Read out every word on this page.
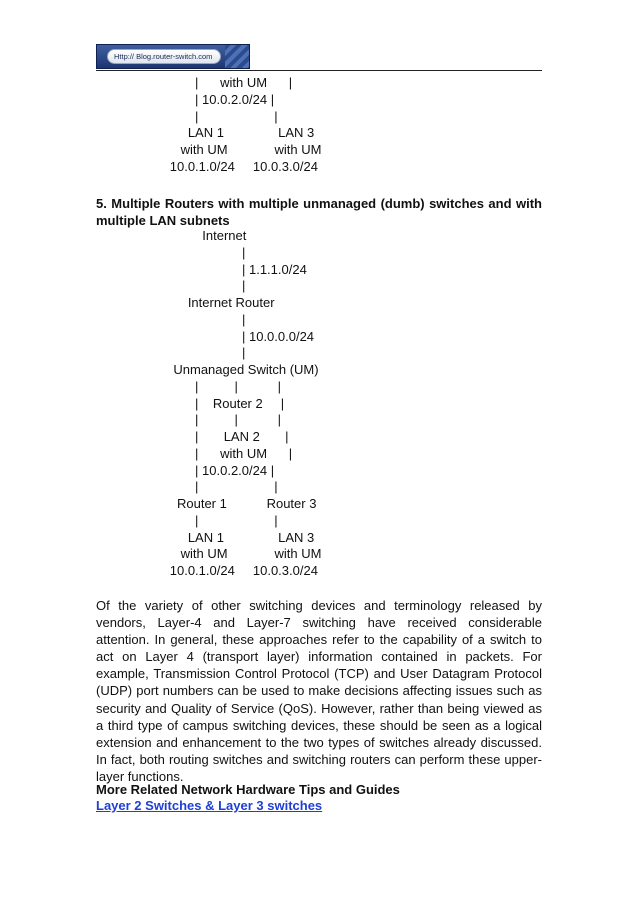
Http:// Blog.router-switch.com
|      with UM      |
| 10.0.2.0/24 |
|                     |
LAN 1               LAN 3
with UM             with UM
10.0.1.0/24     10.0.3.0/24

5. Multiple Routers with multiple unmanaged (dumb) switches and with multiple LAN subnets

Internet
|
| 1.1.1.0/24
|
Internet Router
|
| 10.0.0.0/24
|
Unmanaged Switch (UM)
|          |           |
|    Router 2     |
|          |           |
|       LAN 2       |
|      with UM      |
| 10.0.2.0/24 |
|                     |
Router 1           Router 3
|                     |
LAN 1               LAN 3
with UM             with UM
10.0.1.0/24     10.0.3.0/24

Of the variety of other switching devices and terminology released by vendors, Layer-4 and Layer-7 switching have received considerable attention. In general, these approaches refer to the capability of a switch to act on Layer 4 (transport layer) information contained in packets. For example, Transmission Control Protocol (TCP) and User Datagram Protocol (UDP) port numbers can be used to make decisions affecting issues such as security and Quality of Service (QoS). However, rather than being viewed as a third type of campus switching devices, these should be seen as a logical extension and enhancement to the two types of switches already discussed. In fact, both routing switches and switching routers can perform these upper-layer functions.

More Related Network Hardware Tips and Guides

Layer 2 Switches & Layer 3 switches
